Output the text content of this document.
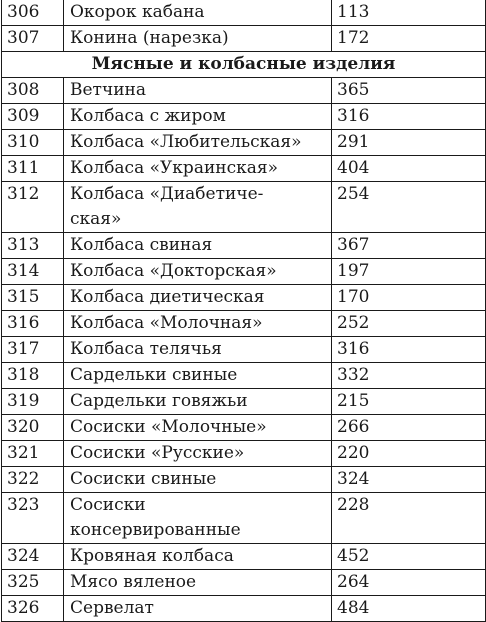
306	Окорок кабана	113
307	Конина (нарезка)	172
Мясные и колбасные изделия		
308	Ветчина	365
309	Колбаса с жиром	316
310	Колбаса «Любительская»	291
311	Колбаса «Украинская»	404
312	Колбаса «Диабетиче-
ская»	254
313	Колбаса свиная	367
314	Колбаса «Докторская»	197
315	Колбаса диетическая	170
316	Колбаса «Молочная»	252
317	Колбаса телячья	316
318	Сардельки свиные	332
319	Сардельки говяжьи	215
320	Сосиски «Молочные»	266
321	Сосиски «Русские»	220
322	Сосиски свиные	324
323	Сосиски
консервированные	228
324	Кровяная колбаса	452
325	Мясо вяленое	264
326	Сервелат	484
